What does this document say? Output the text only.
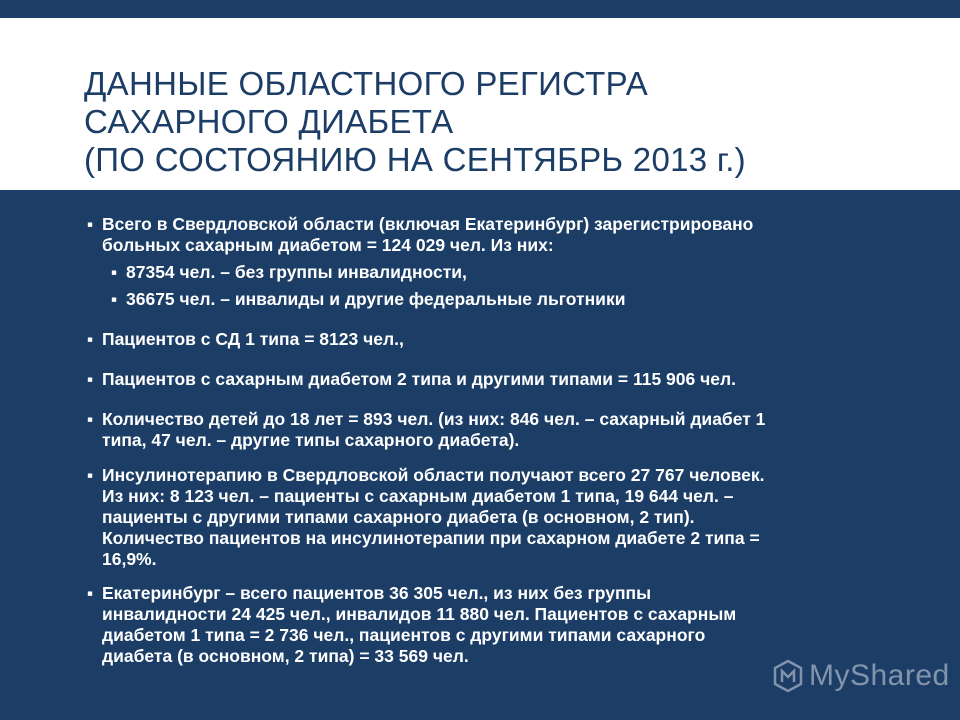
ДАННЫЕ ОБЛАСТНОГО РЕГИСТРА
САХАРНОГО ДИАБЕТА
(ПО СОСТОЯНИЮ НА СЕНТЯБРЬ 2013 г.)
▪ Всего в Свердловской области (включая Екатеринбург) зарегистрировано
больных сахарным диабетом = 124 029 чел. Из них:
▪ 87354 чел. – без группы инвалидности,
▪ 36675 чел. – инвалиды и другие федеральные льготники
▪ Пациентов с СД 1 типа = 8123 чел.,
▪ Пациентов с сахарным диабетом 2 типа и другими типами = 115 906 чел.
▪ Количество детей до 18 лет = 893 чел. (из них: 846 чел. – сахарный диабет 1
типа, 47 чел. – другие типы сахарного диабета).
▪ Инсулинотерапию в Свердловской области получают всего 27 767 человек.
Из них: 8 123 чел. – пациенты с сахарным диабетом 1 типа, 19 644 чел. –
пациенты с другими типами сахарного диабета (в основном, 2 тип).
Количество пациентов на инсулинотерапии при сахарном диабете 2 типа =
16,9%.
▪ Екатеринбург – всего пациентов 36 305 чел., из них без группы
инвалидности 24 425 чел., инвалидов 11 880 чел. Пациентов с сахарным
диабетом 1 типа = 2 736 чел., пациентов с другими типами сахарного
диабета (в основном, 2 типа) = 33 569 чел.
MyShared
